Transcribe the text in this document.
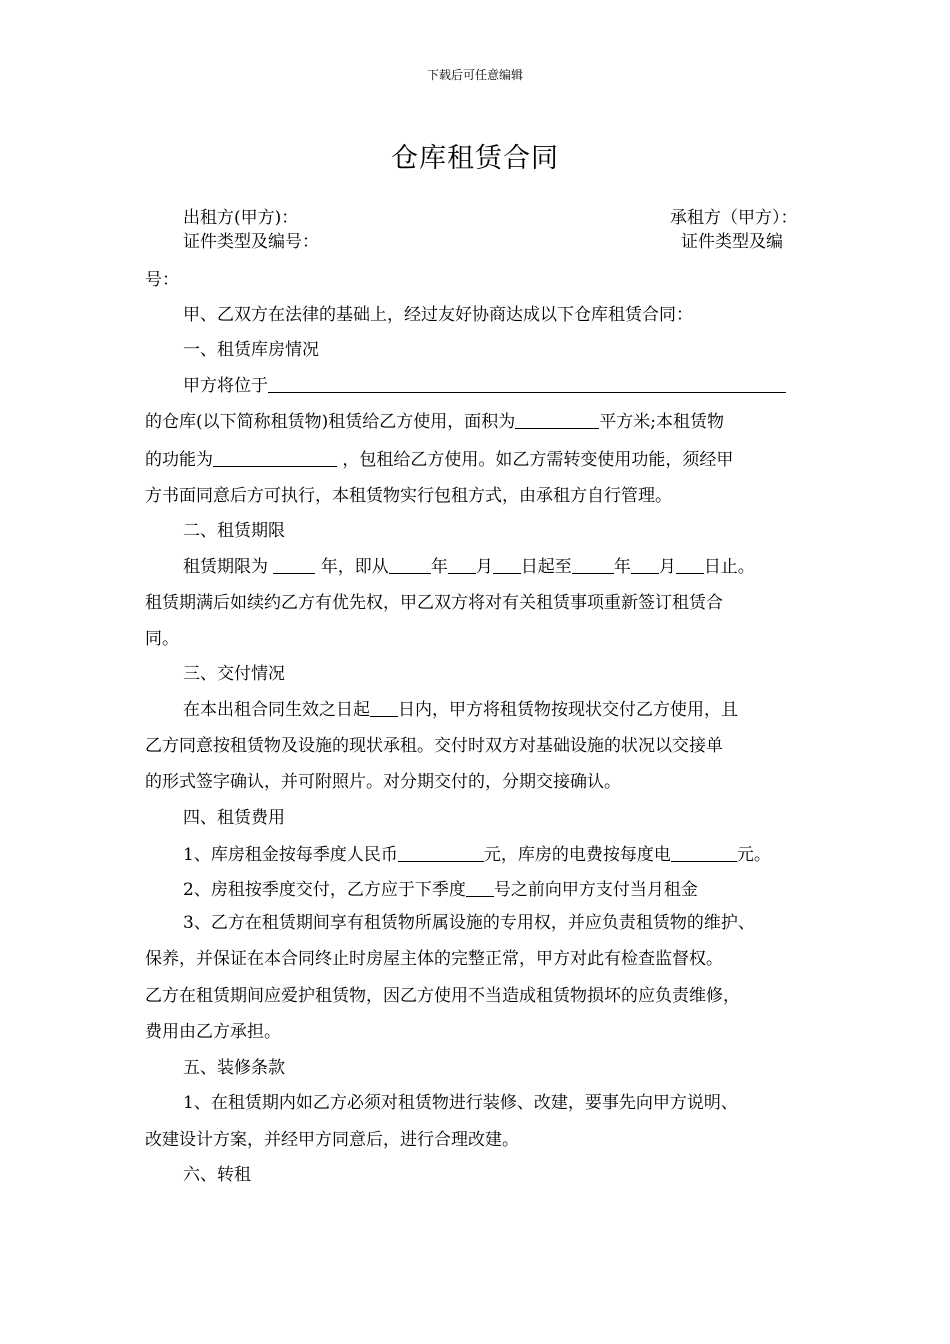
下载后可任意编辑
仓库租赁合同
出租方(甲方)：	承租方（甲方）：
证件类型及编号：	证件类型及编
号：
甲、乙双方在法律的基础上，经过友好协商达成以下仓库租赁合同：
一、租赁库房情况
甲方将位于
的仓库(以下简称租赁物)租赁给乙方使用，面积为	平方米;本租赁物
的功能为	，包租给乙方使用。如乙方需转变使用功能，须经甲
方书面同意后方可执行，本租赁物实行包租方式，由承租方自行管理。
二、租赁期限
租赁期限为  年，即从 年 月 日起至 年 月 日止。
租赁期满后如续约乙方有优先权，甲乙双方将对有关租赁事项重新签订租赁合
同。
三、交付情况
在本出租合同生效之日起 日内，甲方将租赁物按现状交付乙方使用，且
乙方同意按租赁物及设施的现状承租。交付时双方对基础设施的状况以交接单
的形式签字确认，并可附照片。对分期交付的，分期交接确认。
四、租赁费用
1、库房租金按每季度人民币	元，库房的电费按每度电	元。
2、房租按季度交付，乙方应于下季度 号之前向甲方支付当月租金
3、乙方在租赁期间享有租赁物所属设施的专用权，并应负责租赁物的维护、
保养，并保证在本合同终止时房屋主体的完整正常，甲方对此有检查监督权。
乙方在租赁期间应爱护租赁物，因乙方使用不当造成租赁物损坏的应负责维修，
费用由乙方承担。
五、装修条款
1、在租赁期内如乙方必须对租赁物进行装修、改建，要事先向甲方说明、
改建设计方案，并经甲方同意后，进行合理改建。
六、转租
